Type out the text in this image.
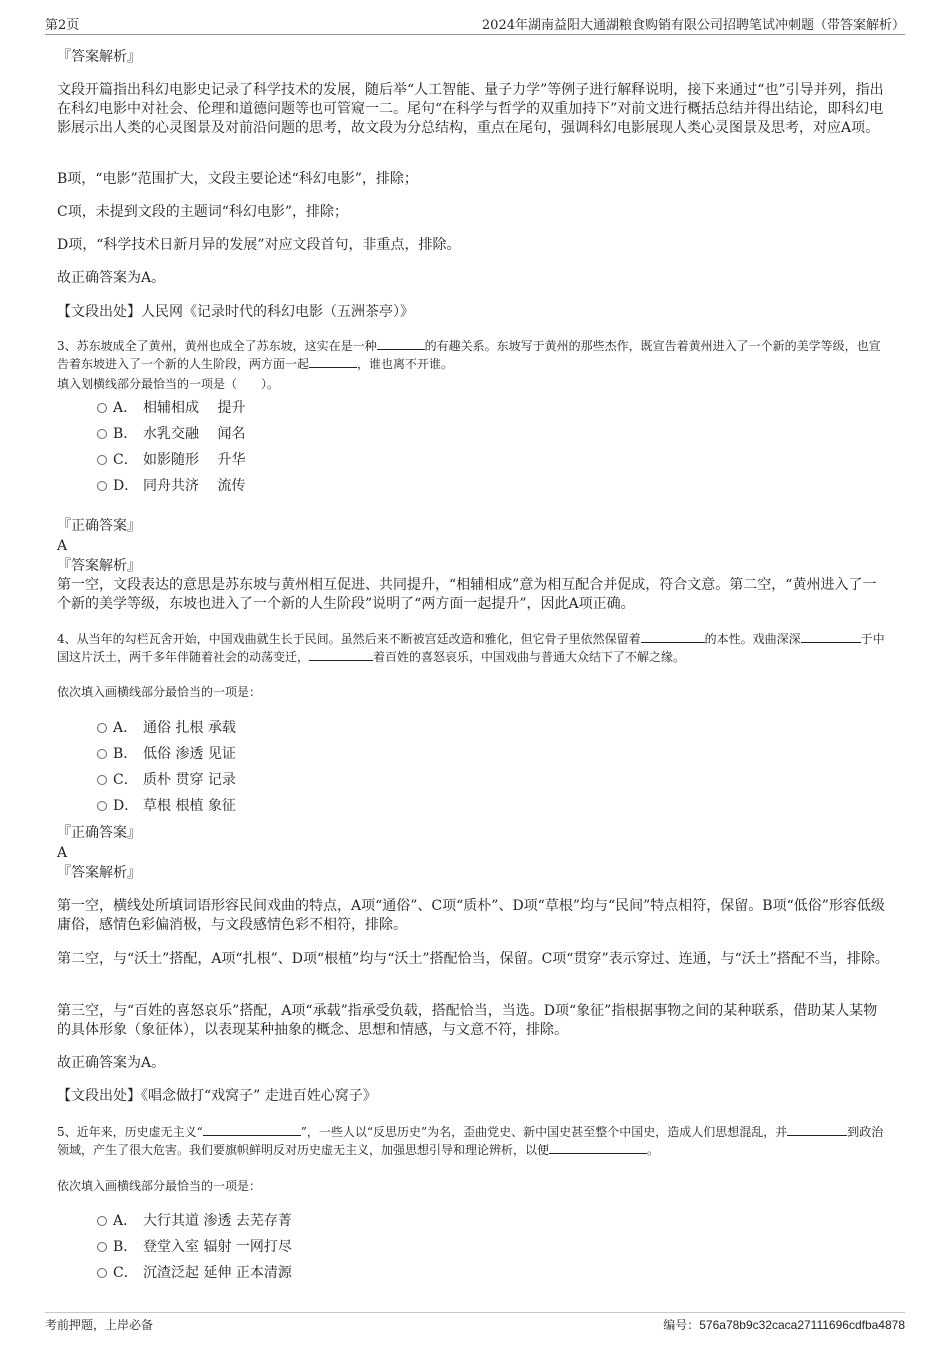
第2页	2024年湖南益阳大通湖粮食购销有限公司招聘笔试冲刺题（带答案解析）
『答案解析』
文段开篇指出科幻电影史记录了科学技术的发展，随后举“人工智能、量子力学”等例子进行解释说明，接下来通过“也”引导并列，指出在科幻电影中对社会、伦理和道德问题等也可管窥一二。尾句“在科学与哲学的双重加持下”对前文进行概括总结并得出结论，即科幻电影展示出人类的心灵图景及对前沿问题的思考，故文段为分总结构，重点在尾句，强调科幻电影展现人类心灵图景及思考，对应A项。
B项，“电影”范围扩大，文段主要论述“科幻电影”，排除；
C项，未提到文段的主题词“科幻电影”，排除；
D项，“科学技术日新月异的发展”对应文段首句，非重点，排除。
故正确答案为A。
【文段出处】人民网《记录时代的科幻电影（五洲茶亭）》
3、苏东坡成全了黄州，黄州也成全了苏东坡，这实在是一种	的有趣关系。东坡写于黄州的那些杰作，既宣告着黄州进入了一个新的美学等级，也宣告着东坡进入了一个新的人生阶段，两方面一起	，谁也离不开谁。
填入划横线部分最恰当的一项是（　　）。
A． 相辅相成　 提升
B． 水乳交融　 闻名
C． 如影随形　 升华
D． 同舟共济　 流传
『正确答案』
A
『答案解析』
第一空，文段表达的意思是苏东坡与黄州相互促进、共同提升，“相辅相成”意为相互配合并促成，符合文意。第二空，“黄州进入了一个新的美学等级，东坡也进入了一个新的人生阶段”说明了“两方面一起提升”，因此A项正确。
4、从当年的勾栏瓦舍开始，中国戏曲就生长于民间。虽然后来不断被宫廷改造和雅化，但它骨子里依然保留着	的本性。戏曲深深	于中国这片沃土，两千多年伴随着社会的动荡变迁，	着百姓的喜怒哀乐，中国戏曲与普通大众结下了不解之缘。
依次填入画横线部分最恰当的一项是：
A． 通俗 扎根 承载
B． 低俗 渗透 见证
C． 质朴 贯穿 记录
D． 草根 根植 象征
『正确答案』
A
『答案解析』
第一空，横线处所填词语形容民间戏曲的特点，A项“通俗”、C项“质朴”、D项“草根”均与“民间”特点相符，保留。B项“低俗”形容低级庸俗，感情色彩偏消极，与文段感情色彩不相符，排除。
第二空，与“沃土”搭配，A项“扎根”、D项“根植”均与“沃土”搭配恰当，保留。C项“贯穿”表示穿过、连通，与“沃土”搭配不当，排除。
第三空，与“百姓的喜怒哀乐”搭配，A项“承载”指承受负载，搭配恰当，当选。D项“象征”指根据事物之间的某种联系，借助某人某物的具体形象（象征体），以表现某种抽象的概念、思想和情感，与文意不符，排除。
故正确答案为A。
【文段出处】《唱念做打“戏窝子” 走进百姓心窝子》
5、近年来，历史虚无主义“	”，一些人以“反思历史”为名，歪曲党史、新中国史甚至整个中国史，造成人们思想混乱，并	到政治领域，产生了很大危害。我们要旗帜鲜明反对历史虚无主义，加强思想引导和理论辨析，以便	。
依次填入画横线部分最恰当的一项是：
A． 大行其道 渗透 去芜存菁
B． 登堂入室 辐射 一网打尽
C． 沉渣泛起 延伸 正本清源
考前押题，上岸必备	编号：576a78b9c32caca27111696cdfba4878
